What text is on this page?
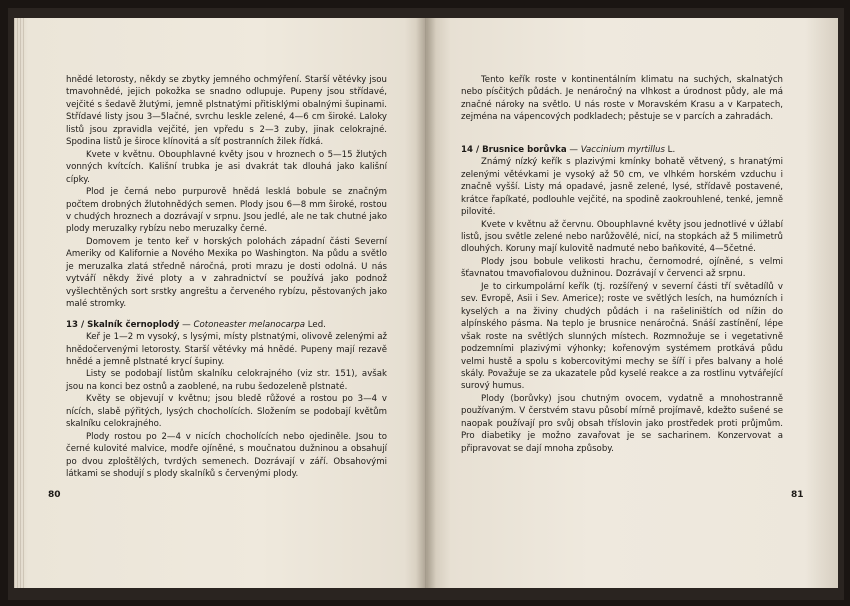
hnědé letorosty, někdy se zbytky jemného ochmýření. Starší větévky jsou tmavohnědé, jejich pokožka se snadno odlupuje. Pupeny jsou střídavé, vejčité s šedavě žlutými, jemně plstnatými přitisklými obalnými šupinami. Střídavé listy jsou 3—5lačné, svrchu leskle zelené, 4—6 cm široké. Laloky listů jsou zpravidla vejčité, jen vpředu s 2—3 zuby, jinak celokrajné. Spodina listů je široce klínovitá a síť postranních žilek řídká.

Kvete v květnu. Obouphlavné květy jsou v hroznech o 5—15 žlutých vonných kvítcích. Kališní trubka je asi dvakrát tak dlouhá jako kališní cípky.

Plod je černá nebo purpurově hnědá lesklá bobule se značným počtem drobných žlutohnědých semen. Plody jsou 6—8 mm široké, rostou v chudých hroznech a dozrávají v srpnu. Jsou jedlé, ale ne tak chutné jako plody meruzalky rybízu nebo meruzalky černé.

Domovem je tento keř v horských polohách západní části Severní Ameriky od Kalifornie a Nového Mexika po Washington. Na půdu a světlo je meruzalka zlatá středně náročná, proti mrazu je dosti odolná. U nás vytváří někdy živé ploty a v zahradnictví se používá jako podnož vyšlechtěných sort srstky angreštu a červeného rybízu, pěstovaných jako malé stromky.

13 / Skalník černoplodý — Cotoneaster melanocarpa Led.

Keř je 1—2 m vysoký, s lysými, místy plstnatými, olivově zelenými až hnědočervenými letorosty. Starší větévky má hnědé. Pupeny mají rezavě hnědé a jemně plstnaté krycí šupiny.

Listy se podobají listům skalníku celokrajného (viz str. 151), avšak jsou na konci bez ostnů a zaoblené, na rubu šedozeleně plstnaté.

Květy se objevují v květnu; jsou bledě růžové a rostou po 3—4 v nících, slabě pýřitých, lysých chocholících. Složením se podobají květům skalníku celokrajného.

Plody rostou po 2—4 v nicích chocholících nebo ojediněle. Jsou to černé kulovité malvice, modře ojíněné, s moučnatou dužninou a obsahují po dvou zploštělých, tvrdých semenech. Dozrávají v září. Obsahovými látkami se shodují s plody skalníků s červenými plody.

80

Tento keřík roste v kontinentálním klimatu na suchých, skalnatých nebo písčitých půdách. Je nenáročný na vlhkost a úrodnost půdy, ale má značné nároky na světlo. U nás roste v Moravském Krasu a v Karpatech, zejména na vápencových podkladech; pěstuje se v parcích a zahradách.

14 / Brusnice borůvka — Vaccinium myrtillus L.

Známý nízký keřík s plazivými kmínky bohatě větvený, s hranatými zelenými větévkami je vysoký až 50 cm, ve vlhkém horském vzduchu i značně vyšší. Listy má opadavé, jasně zelené, lysé, střídavě postavené, krátce řapíkaté, podlouhle vejčité, na spodině zaokrouhlené, tenké, jemně pilovité.

Kvete v květnu až červnu. Obouphlavné květy jsou jednotlivé v úžlabí listů, jsou světle zelené nebo narůžovělé, nicí, na stopkách až 5 milimetrů dlouhých. Koruny mají kulovitě nadmuté nebo baňkovité, 4—5četné.

Plody jsou bobule velikosti hrachu, černomodré, ojíněné, s velmi šťavnatou tmavofialovou dužninou. Dozrávají v červenci až srpnu.

Je to cirkumpolární keřík (tj. rozšířený v severní části tří světadílů v sev. Evropě, Asii i Sev. Americe); roste ve světlých lesích, na humózních i kyselých a na živiny chudých půdách i na rašeliništích od nížin do alpínského pásma. Na teplo je brusnice nenáročná. Snáší zastínění, lépe však roste na světlých slunných místech. Rozmnožuje se i vegetativně podzemními plazivými výhonky; kořenovým systémem protkává půdu velmi hustě a spolu s kobercovitými mechy se šíří i přes balvany a holé skály. Považuje se za ukazatele půd kyselé reakce a za rostlinu vytvářející surový humus.

Plody (borůvky) jsou chutným ovocem, vydatně a mnohostranně používaným. V čerstvém stavu působí mírně projímavě, kdežto sušené se naopak používají pro svůj obsah tříslovin jako prostředek proti průjmům. Pro diabetiky je možno zavařovat je se sacharinem. Konzervovat a připravovat se dají mnoha způsoby.

81
